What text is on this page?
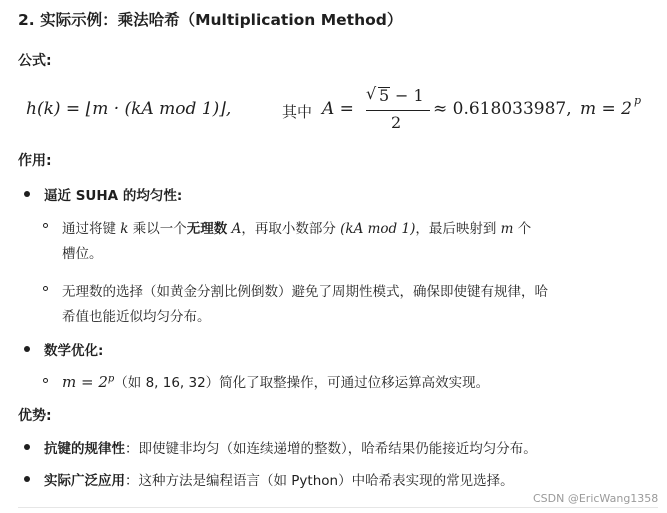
2. 实际示例：乘法哈希（Multiplication Method）
公式:
h(k) = ⌊m · (kA mod 1)⌋,	其中 A =
√ 5 − 1
2
≈ 0.618033987, m = 2 p
作用:
逼近 SUHA 的均匀性:
通过将键 k 乘以一个无理数 A，再取小数部分 (kA mod 1)，最后映射到 m 个
槽位。
无理数的选择（如黄金分割比例倒数）避免了周期性模式，确保即使键有规律，哈
希值也能近似均匀分布。
数学优化:
$m = 2^p$（如 8, 16, 32）简化了取整操作，可通过位移运算高效实现。
优势:
抗键的规律性：即使键非均匀（如连续递增的整数），哈希结果仍能接近均匀分布。
实际广泛应用：这种方法是编程语言（如 Python）中哈希表实现的常见选择。
CSDN @EricWang1358
